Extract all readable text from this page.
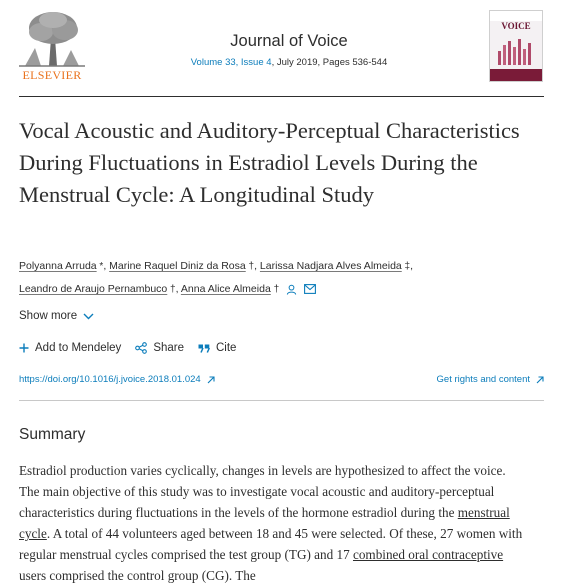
ELSEVIER
Journal of Voice
Volume 33, Issue 4, July 2019, Pages 536-544
VOICE
Vocal Acoustic and Auditory-Perceptual Characteristics During Fluctuations in Estradiol Levels During the Menstrual Cycle: A Longitudinal Study
Polyanna Arruda *, Marine Raquel Diniz da Rosa †, Larissa Nadjara Alves Almeida ‡,
Leandro de Araujo Pernambuco †, Anna Alice Almeida †
Show more
Add to Mendeley	Share	Cite
https://doi.org/10.1016/j.jvoice.2018.01.024	Get rights and content
Summary

Estradiol production varies cyclically, changes in levels are hypothesized to affect the voice. The main objective of this study was to investigate vocal acoustic and auditory-perceptual characteristics during fluctuations in the levels of the hormone estradiol during the menstrual cycle. A total of 44 volunteers aged between 18 and 45 were selected. Of these, 27 women with regular menstrual cycles comprised the test group (TG) and 17 combined oral contraceptive users comprised the control group (CG). The
